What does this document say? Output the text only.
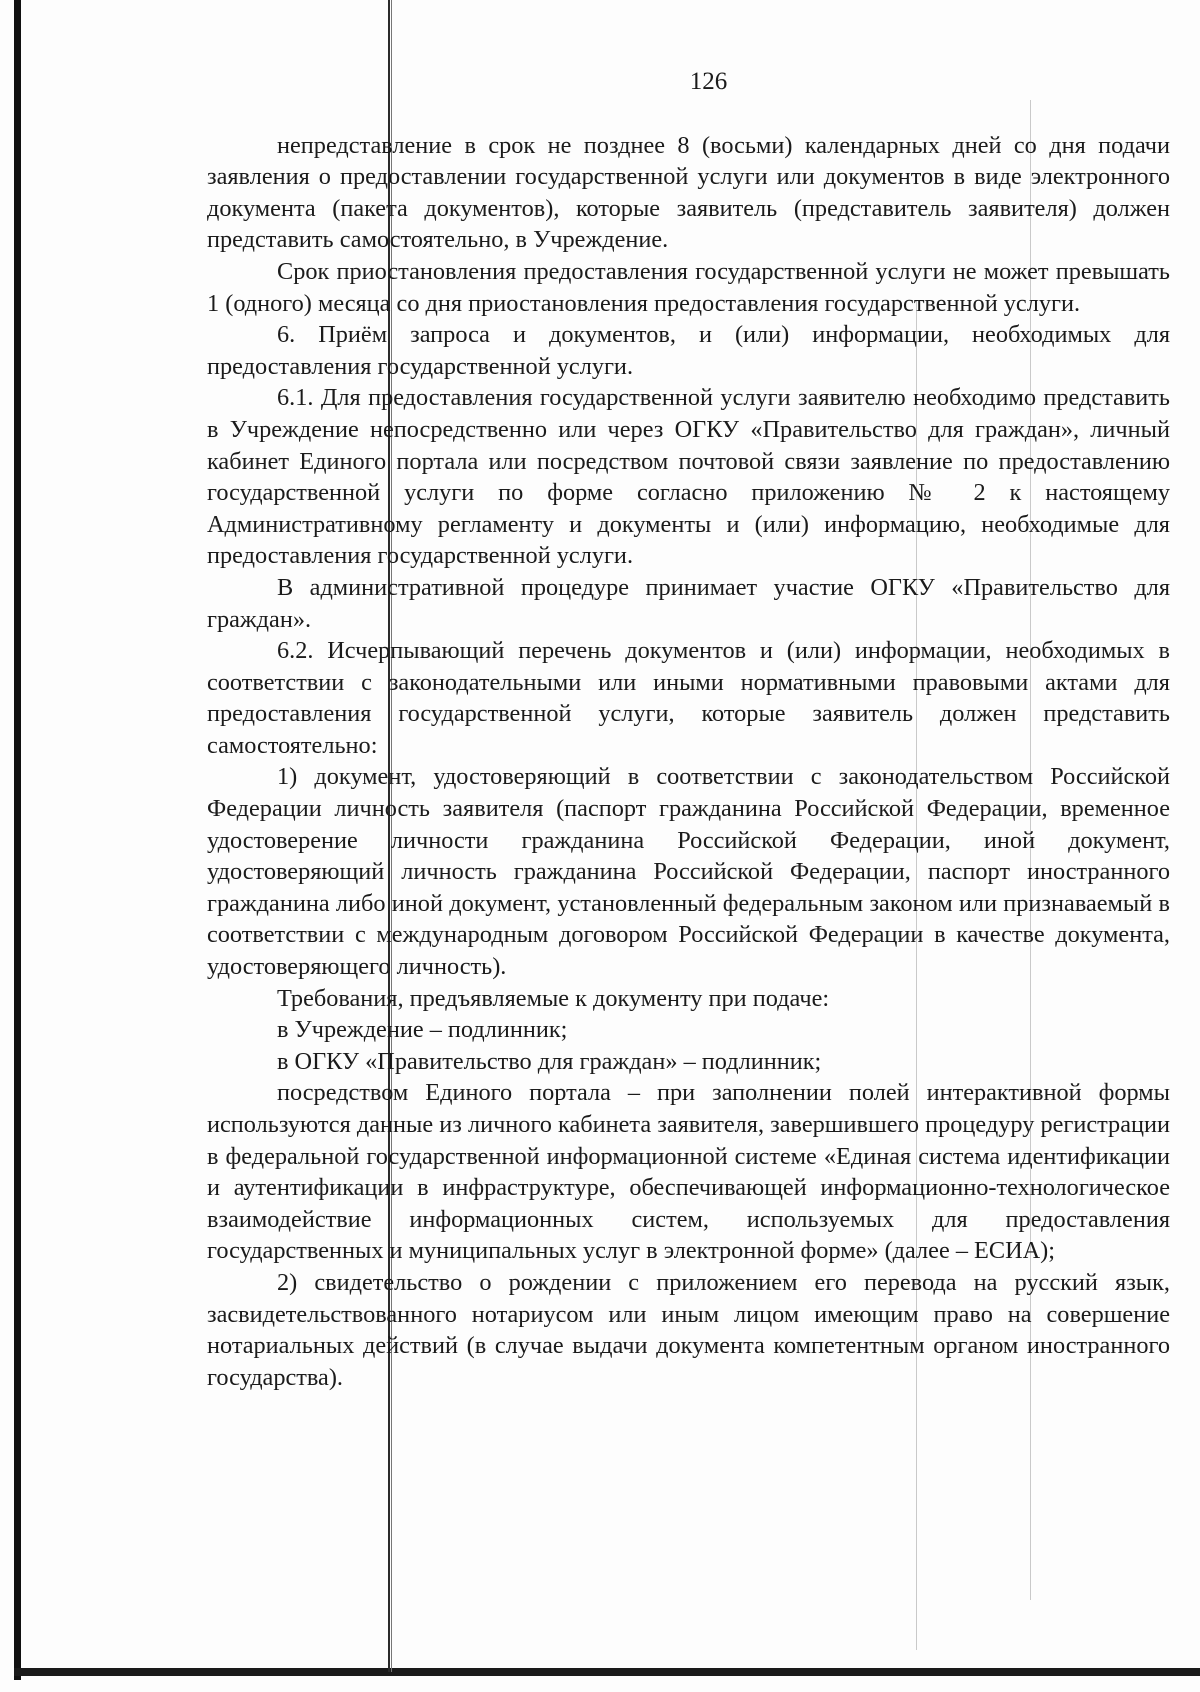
126

непредставление в срок не позднее 8 (восьми) календарных дней со дня подачи заявления о предоставлении государственной услуги или документов в виде электронного документа (пакета документов), которые заявитель (представитель заявителя) должен представить самостоятельно, в Учреждение.

Срок приостановления предоставления государственной услуги не может превышать 1 (одного) месяца со дня приостановления предоставления государственной услуги.

6. Приём запроса и документов, и (или) информации, необходимых для предоставления государственной услуги.

6.1. Для предоставления государственной услуги заявителю необходимо представить в Учреждение непосредственно или через ОГКУ «Правительство для граждан», личный кабинет Единого портала или посредством почтовой связи заявление по предоставлению государственной услуги по форме согласно приложению № 2 к настоящему Административному регламенту и документы и (или) информацию, необходимые для предоставления государственной услуги.

В административной процедуре принимает участие ОГКУ «Правительство для граждан».

6.2. Исчерпывающий перечень документов и (или) информации, необходимых в соответствии с законодательными или иными нормативными правовыми актами для предоставления государственной услуги, которые заявитель должен представить самостоятельно:

1) документ, удостоверяющий в соответствии с законодательством Российской Федерации личность заявителя (паспорт гражданина Российской Федерации, временное удостоверение личности гражданина Российской Федерации, иной документ, удостоверяющий личность гражданина Российской Федерации, паспорт иностранного гражданина либо иной документ, установленный федеральным законом или признаваемый в соответствии с международным договором Российской Федерации в качестве документа, удостоверяющего личность).

Требования, предъявляемые к документу при подаче:

в Учреждение – подлинник;

в ОГКУ «Правительство для граждан» – подлинник;

посредством Единого портала – при заполнении полей интерактивной формы используются данные из личного кабинета заявителя, завершившего процедуру регистрации в федеральной государственной информационной системе «Единая система идентификации и аутентификации в инфраструктуре, обеспечивающей информационно-технологическое взаимодействие информационных систем, используемых для предоставления государственных и муниципальных услуг в электронной форме» (далее – ЕСИА);

2) свидетельство о рождении с приложением его перевода на русский язык, засвидетельствованного нотариусом или иным лицом имеющим право на совершение нотариальных действий (в случае выдачи документа компетентным органом иностранного государства).
